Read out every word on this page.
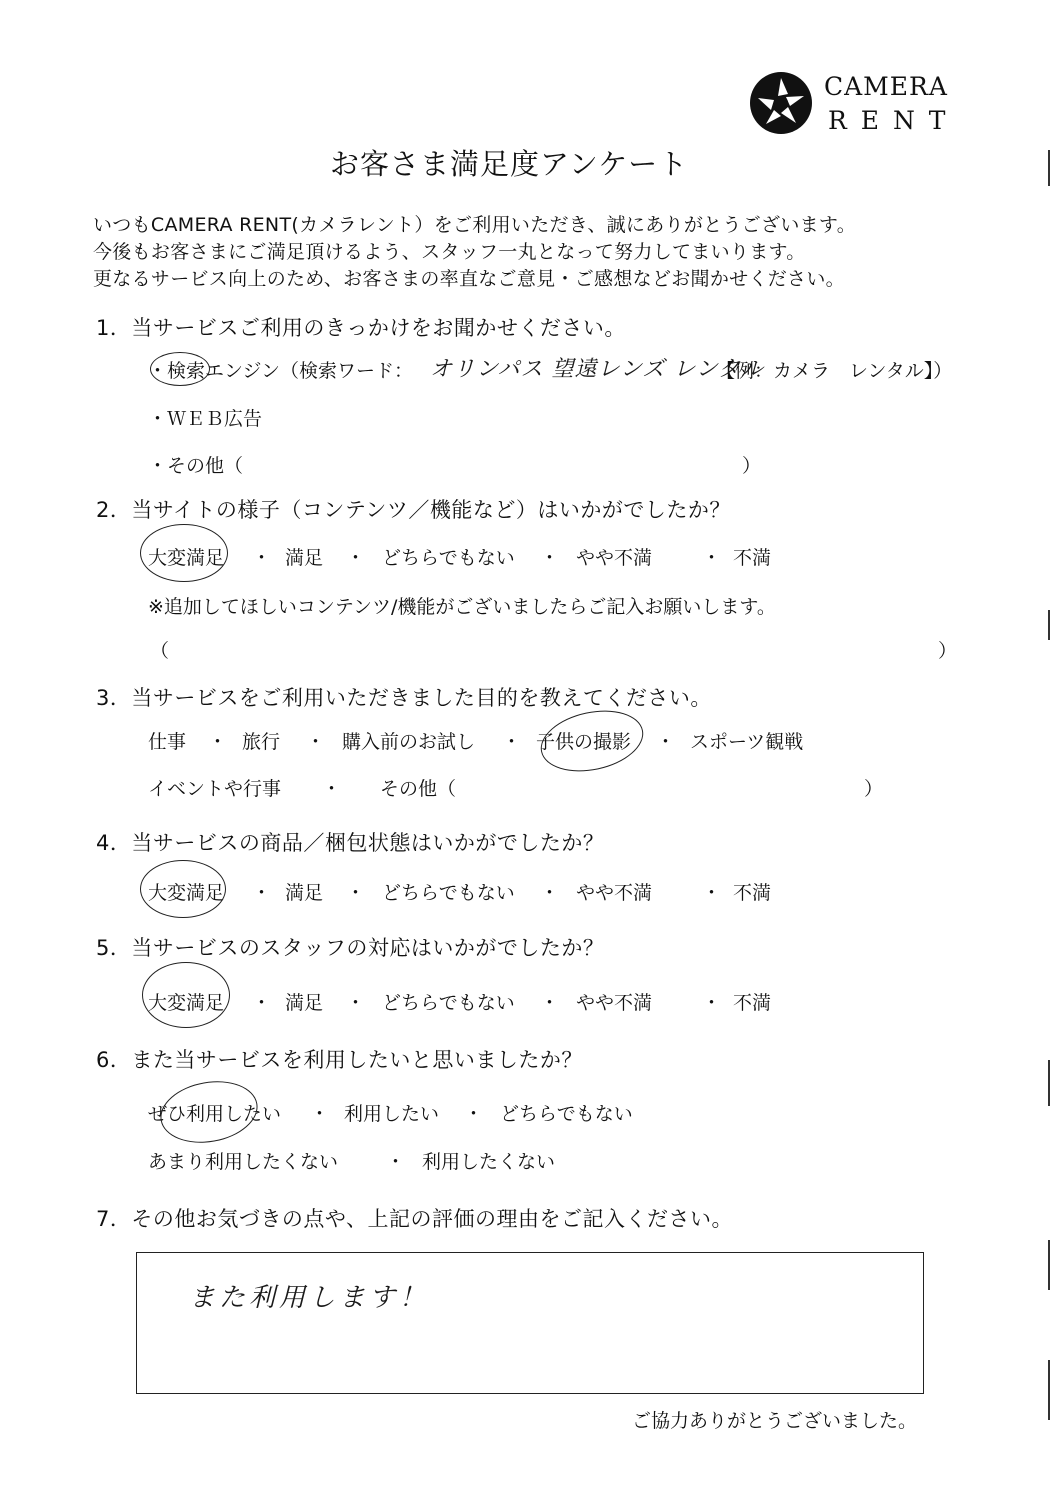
CAMERA
R E N T
お客さま満足度アンケート
いつもCAMERA RENT(カメラレント）をご利用いただき、誠にありがとうございます。
今後もお客さまにご満足頂けるよう、スタッフ一丸となって努力してまいります。
更なるサービス向上のため、お客さまの率直なご意見・ご感想などお聞かせください。
1．当サービスご利用のきっかけをお聞かせください。
・検索エンジン（検索ワード： オリンパス 望遠レンズ レンタル
【例：カメラ　レンタル】）
・ＷＥＢ広告
・その他（	）
2．当サイトの様子（コンテンツ／機能など）はいかがでしたか？
大変満足 ・ 満足 ・ どちらでもない ・ やや不満	・ 不満
※追加してほしいコンテンツ/機能がございましたらご記入お願いします。
（	）
3．当サービスをご利用いただきました目的を教えてください。
仕事 ・ 旅行 ・ 購入前のお試し ・ 子供の撮影 ・ スポーツ観戦
イベントや行事 ・ その他（	）
4．当サービスの商品／梱包状態はいかがでしたか？
大変満足 ・ 満足 ・ どちらでもない ・ やや不満	・ 不満
5．当サービスのスタッフの対応はいかがでしたか？
大変満足 ・ 満足 ・ どちらでもない ・ やや不満	・ 不満
6．また当サービスを利用したいと思いましたか？
ぜひ利用したい ・ 利用したい ・ どちらでもない
あまり利用したくない	・ 利用したくない
7．その他お気づきの点や、上記の評価の理由をご記入ください。
また利用します！
ご協力ありがとうございました。
